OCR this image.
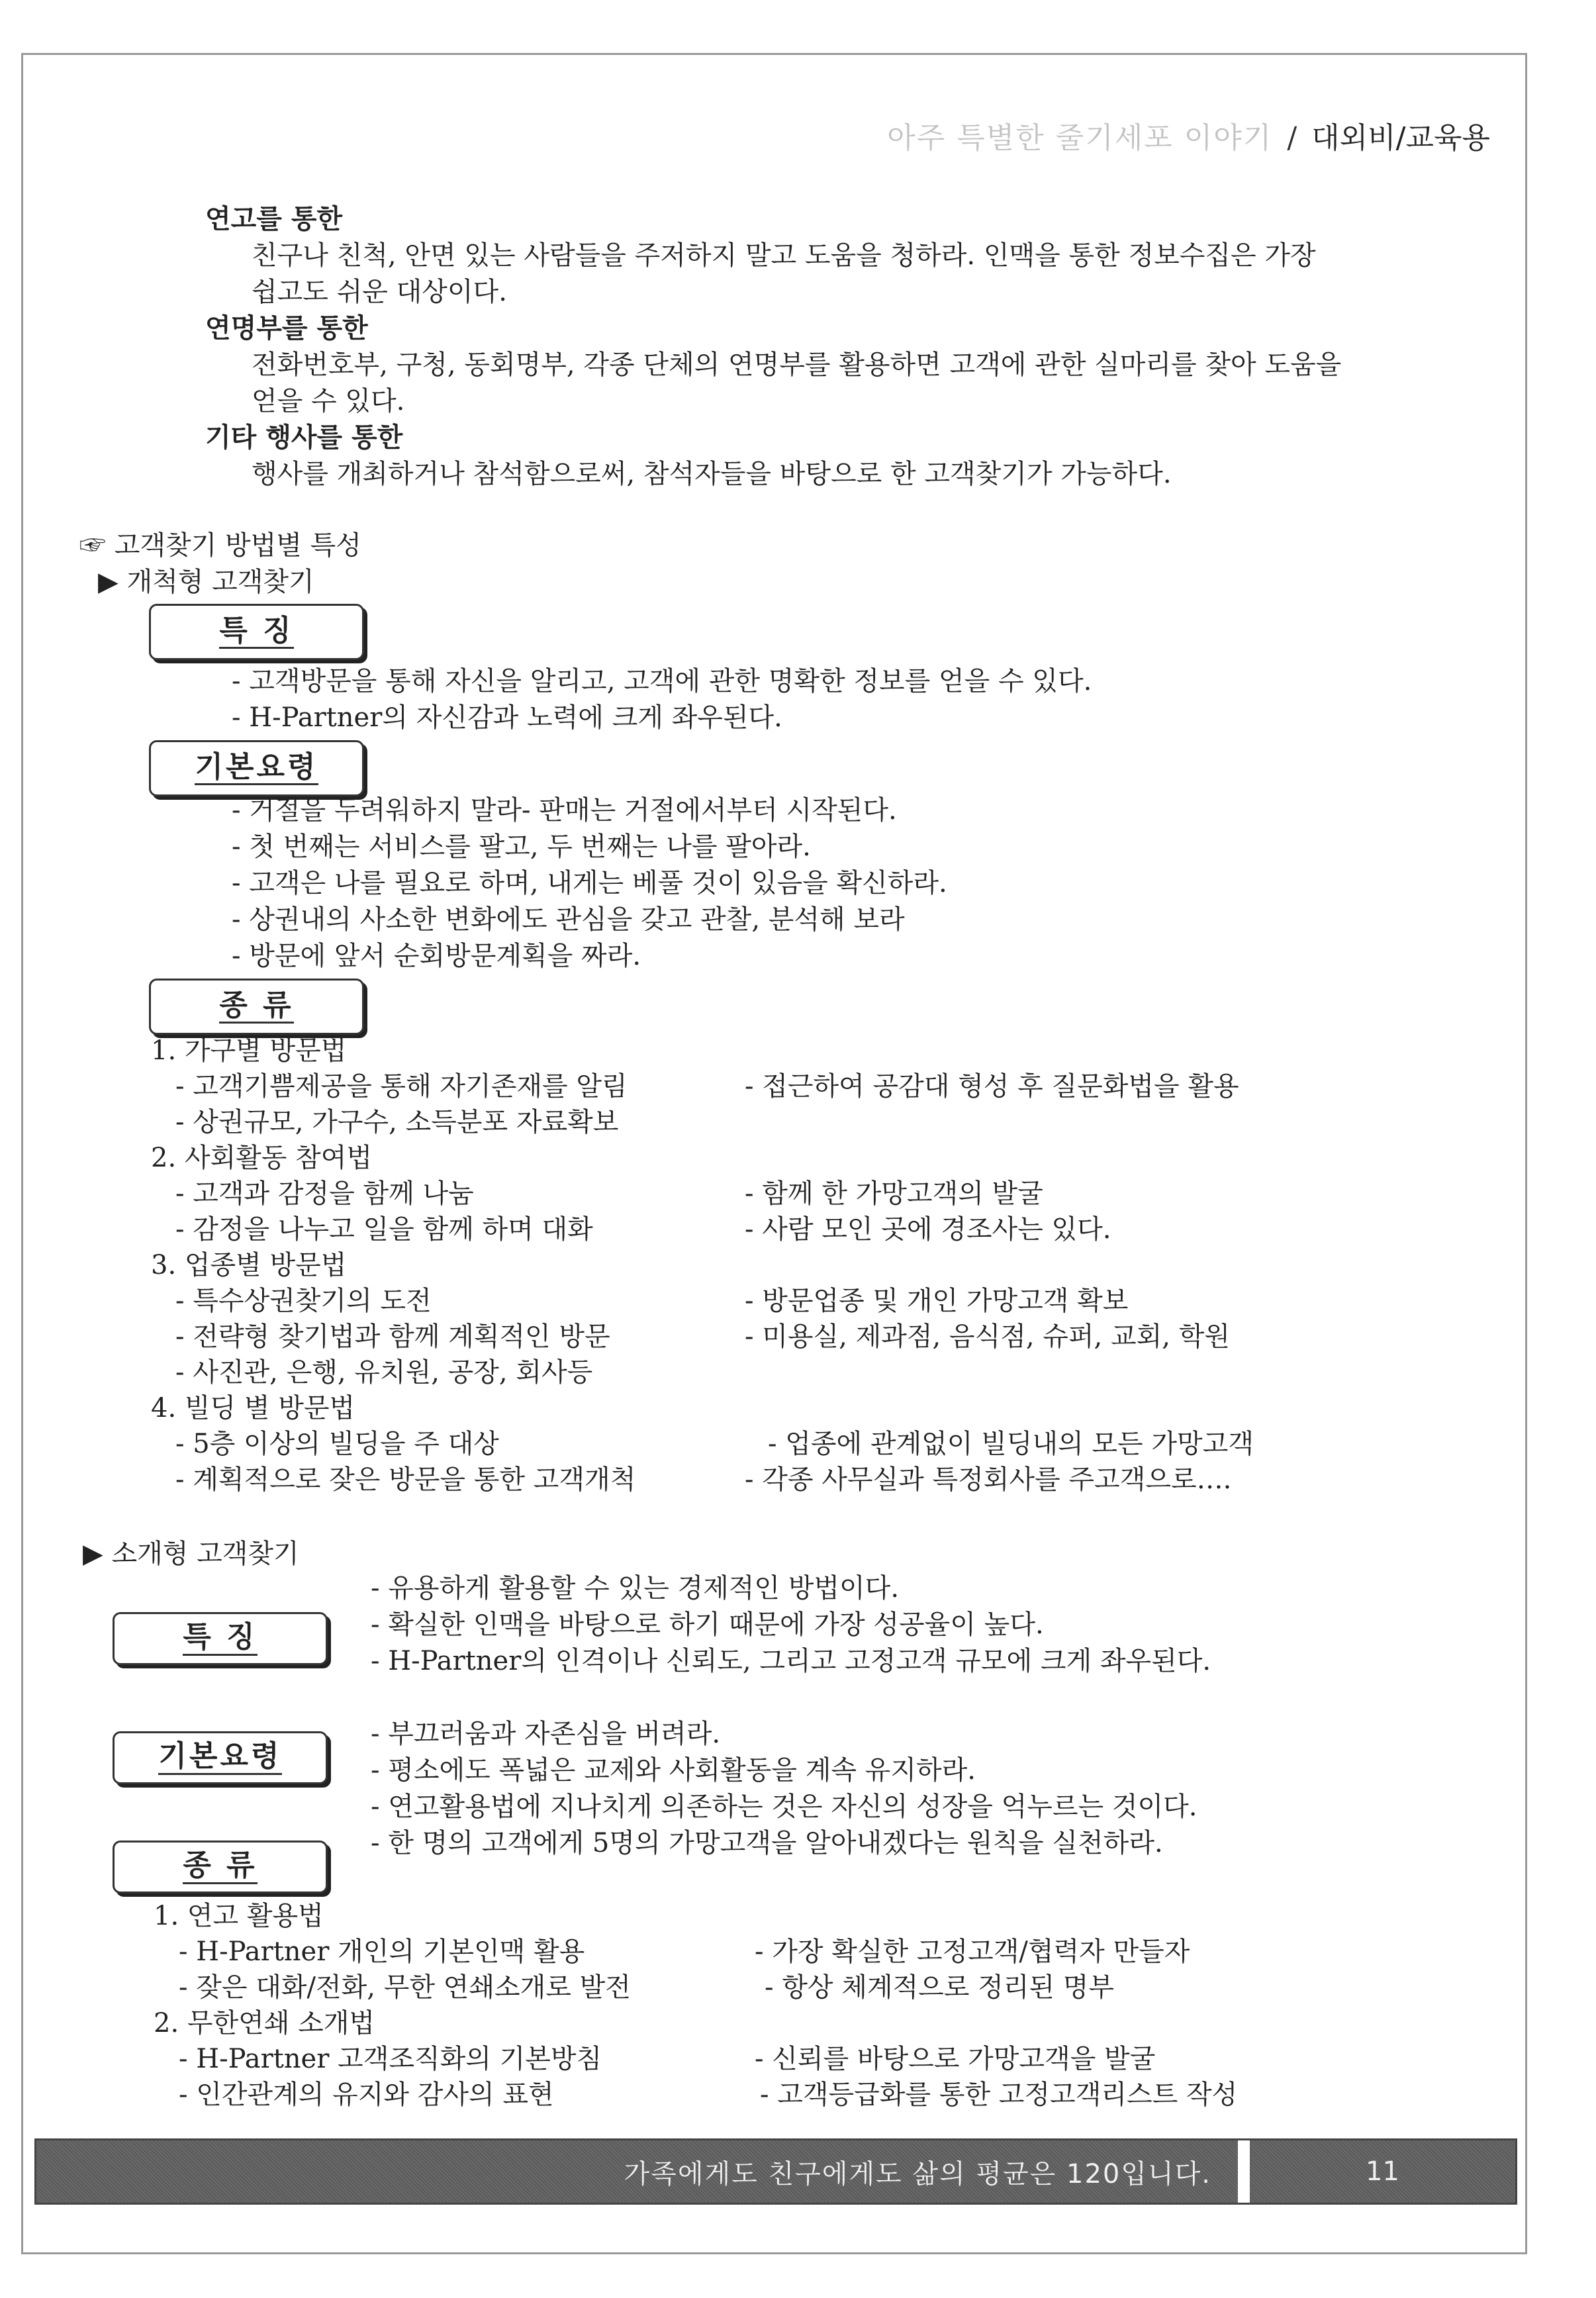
아주 특별한 줄기세포 이야기 / 대외비/교육용
연고를 통한
친구나 친척, 안면 있는 사람들을 주저하지 말고 도움을 청하라. 인맥을 통한 정보수집은 가장
쉽고도 쉬운 대상이다.
연명부를 통한
전화번호부, 구청, 동회명부, 각종 단체의 연명부를 활용하면 고객에 관한 실마리를 찾아 도움을
얻을 수 있다.
기타 행사를 통한
행사를 개최하거나 참석함으로써, 참석자들을 바탕으로 한 고객찾기가 가능하다.
☞ 고객찾기 방법별 특성
▶ 개척형 고객찾기
특 징
- 고객방문을 통해 자신을 알리고, 고객에 관한 명확한 정보를 얻을 수 있다.
- H-Partner의 자신감과 노력에 크게 좌우된다.
기본요령
- 거절을 두려워하지 말라- 판매는 거절에서부터 시작된다.
- 첫 번째는 서비스를 팔고, 두 번째는 나를 팔아라.
- 고객은 나를 필요로 하며, 내게는 베풀 것이 있음을 확신하라.
- 상권내의 사소한 변화에도 관심을 갖고 관찰, 분석해 보라
- 방문에 앞서 순회방문계획을 짜라.
종 류
1. 가구별 방문법
- 고객기쁨제공을 통해 자기존재를 알림	- 접근하여 공감대 형성 후 질문화법을 활용
- 상권규모, 가구수, 소득분포 자료확보
2. 사회활동 참여법
- 고객과 감정을 함께 나눔	- 함께 한 가망고객의 발굴
- 감정을 나누고 일을 함께 하며 대화	- 사람 모인 곳에 경조사는 있다.
3. 업종별 방문법
- 특수상권찾기의 도전	- 방문업종 및 개인 가망고객 확보
- 전략형 찾기법과 함께 계획적인 방문	- 미용실, 제과점, 음식점, 슈퍼, 교회, 학원
- 사진관, 은행, 유치원, 공장, 회사등
4. 빌딩 별 방문법
- 5층 이상의 빌딩을 주 대상	- 업종에 관계없이 빌딩내의 모든 가망고객
- 계획적으로 잦은 방문을 통한 고객개척	- 각종 사무실과 특정회사를 주고객으로….
▶ 소개형 고객찾기
- 유용하게 활용할 수 있는 경제적인 방법이다.
- 확실한 인맥을 바탕으로 하기 때문에 가장 성공율이 높다.
- H-Partner의 인격이나 신뢰도, 그리고 고정고객 규모에 크게 좌우된다.
특 징
- 부끄러움과 자존심을 버려라.
- 평소에도 폭넓은 교제와 사회활동을 계속 유지하라.
- 연고활용법에 지나치게 의존하는 것은 자신의 성장을 억누르는 것이다.
- 한 명의 고객에게 5명의 가망고객을 알아내겠다는 원칙을 실천하라.
기본요령
종 류
1. 연고 활용법
- H-Partner 개인의 기본인맥 활용	- 가장 확실한 고정고객/협력자 만들자
- 잦은 대화/전화, 무한 연쇄소개로 발전	- 항상 체계적으로 정리된 명부
2. 무한연쇄 소개법
- H-Partner 고객조직화의 기본방침	- 신뢰를 바탕으로 가망고객을 발굴
- 인간관계의 유지와 감사의 표현	- 고객등급화를 통한 고정고객리스트 작성
가족에게도 친구에게도 삶의 평균은 120입니다.	11
